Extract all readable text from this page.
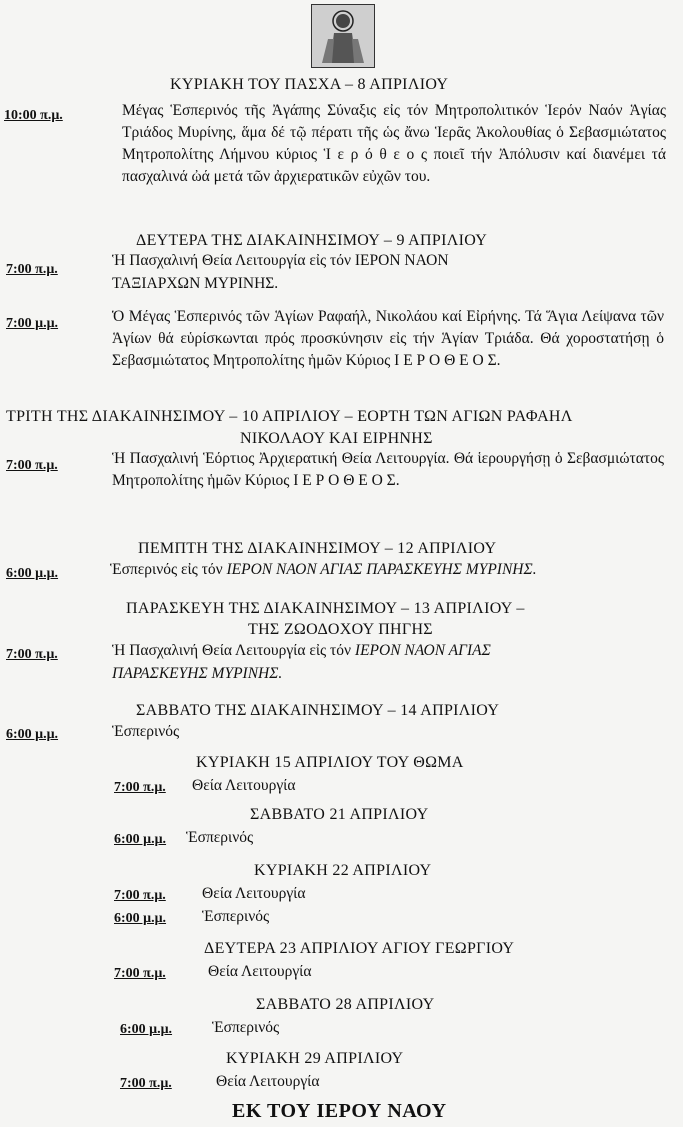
ΚΥΡΙΑΚΗ ΤΟΥ ΠΑΣΧΑ – 8 ΑΠΡΙΛΙΟΥ
10:00 π.μ.	Μέγας Ἑσπερινός τῆς Ἀγάπης Σύναξις εἰς τόν Μητροπολιτικόν Ἱερόν Ναόν Ἁγίας Τριάδος Μυρίνης, ἅμα δέ τῷ πέρατι τῆς ὡς ἄνω Ἱερᾶς Ἀκολουθίας ὁ Σεβασμιώτατος Μητροπολίτης Λήμνου κύριος Ἱ ε ρ ό θ ε ο ς ποιεῖ τήν Ἀπόλυσιν καί διανέμει τά πασχαλινά ὠά μετά τῶν ἀρχιερατικῶν εὐχῶν του.
ΔΕΥΤΕΡΑ ΤΗΣ ΔΙΑΚΑΙΝΗΣΙΜΟΥ – 9 ΑΠΡΙΛΙΟΥ
7:00 π.μ.
Ἡ Πασχαλινή Θεία Λειτουργία εἰς τόν ΙΕΡΟΝ ΝΑΟΝ
ΤΑΞΙΑΡΧΩΝ ΜΥΡΙΝΗΣ.
7:00 μ.μ.	Ὁ Μέγας Ἑσπερινός τῶν Ἁγίων Ραφαήλ, Νικολάου καί Εἰρήνης. Τά Ἅγια Λείψανα τῶν Ἁγίων θά εὑρίσκωνται πρός προσκύνησιν εἰς τήν Ἁγίαν Τριάδα. Θά χοροστατήσῃ ὁ Σεβασμιώτατος Μητροπολίτης ἡμῶν Κύριος Ι Ε Ρ Ο Θ Ε Ο Σ.
ΤΡΙΤΗ ΤΗΣ ΔΙΑΚΑΙΝΗΣΙΜΟΥ – 10 ΑΠΡΙΛΙΟΥ – ΕΟΡΤΗ ΤΩΝ ΑΓΙΩΝ ΡΑΦΑΗΛ
ΝΙΚΟΛΑΟΥ ΚΑΙ ΕΙΡΗΝΗΣ
7:00 π.μ.	Ἡ Πασχαλινή Ἑόρτιος Ἀρχιερατική Θεία Λειτουργία. Θά ἱερουργήσῃ ὁ Σεβασμιώτατος Μητροπολίτης ἡμῶν Κύριος Ι Ε Ρ Ο Θ Ε Ο Σ.
ΠΕΜΠΤΗ ΤΗΣ ΔΙΑΚΑΙΝΗΣΙΜΟΥ – 12 ΑΠΡΙΛΙΟΥ
6:00 μ.μ.	Ἑσπερινός εἰς τόν ΙΕΡΟΝ ΝΑΟΝ ΑΓΙΑΣ ΠΑΡΑΣΚΕΥΗΣ ΜΥΡΙΝΗΣ.
ΠΑΡΑΣΚΕΥΗ ΤΗΣ ΔΙΑΚΑΙΝΗΣΙΜΟΥ – 13 ΑΠΡΙΛΙΟΥ –
ΤΗΣ ΖΩΟΔΟΧΟΥ ΠΗΓΗΣ
7:00 π.μ.	Ἡ Πασχαλινή Θεία Λειτουργία εἰς τόν ΙΕΡΟΝ ΝΑΟΝ ΑΓΙΑΣ
ΠΑΡΑΣΚΕΥΗΣ ΜΥΡΙΝΗΣ.
ΣΑΒΒΑΤΟ ΤΗΣ ΔΙΑΚΑΙΝΗΣΙΜΟΥ – 14 ΑΠΡΙΛΙΟΥ
6:00 μ.μ.	Ἑσπερινός
ΚΥΡΙΑΚΗ 15 ΑΠΡΙΛΙΟΥ ΤΟΥ ΘΩΜΑ
7:00 π.μ. Θεία Λειτουργία
ΣΑΒΒΑΤΟ 21 ΑΠΡΙΛΙΟΥ
6:00 μ.μ. Ἑσπερινός
ΚΥΡΙΑΚΗ 22 ΑΠΡΙΛΙΟΥ
7:00 π.μ. Θεία Λειτουργία
6:00 μ.μ. Ἑσπερινός
ΔΕΥΤΕΡΑ 23 ΑΠΡΙΛΙΟΥ ΑΓΙΟΥ ΓΕΩΡΓΙΟΥ
7:00 π.μ.	Θεία Λειτουργία
ΣΑΒΒΑΤΟ 28 ΑΠΡΙΛΙΟΥ
6:00 μ.μ.	Ἑσπερινός
ΚΥΡΙΑΚΗ 29 ΑΠΡΙΛΙΟΥ
7:00 π.μ.	Θεία Λειτουργία
ΕΚ ΤΟΥ ΙΕΡΟΥ ΝΑΟΥ
